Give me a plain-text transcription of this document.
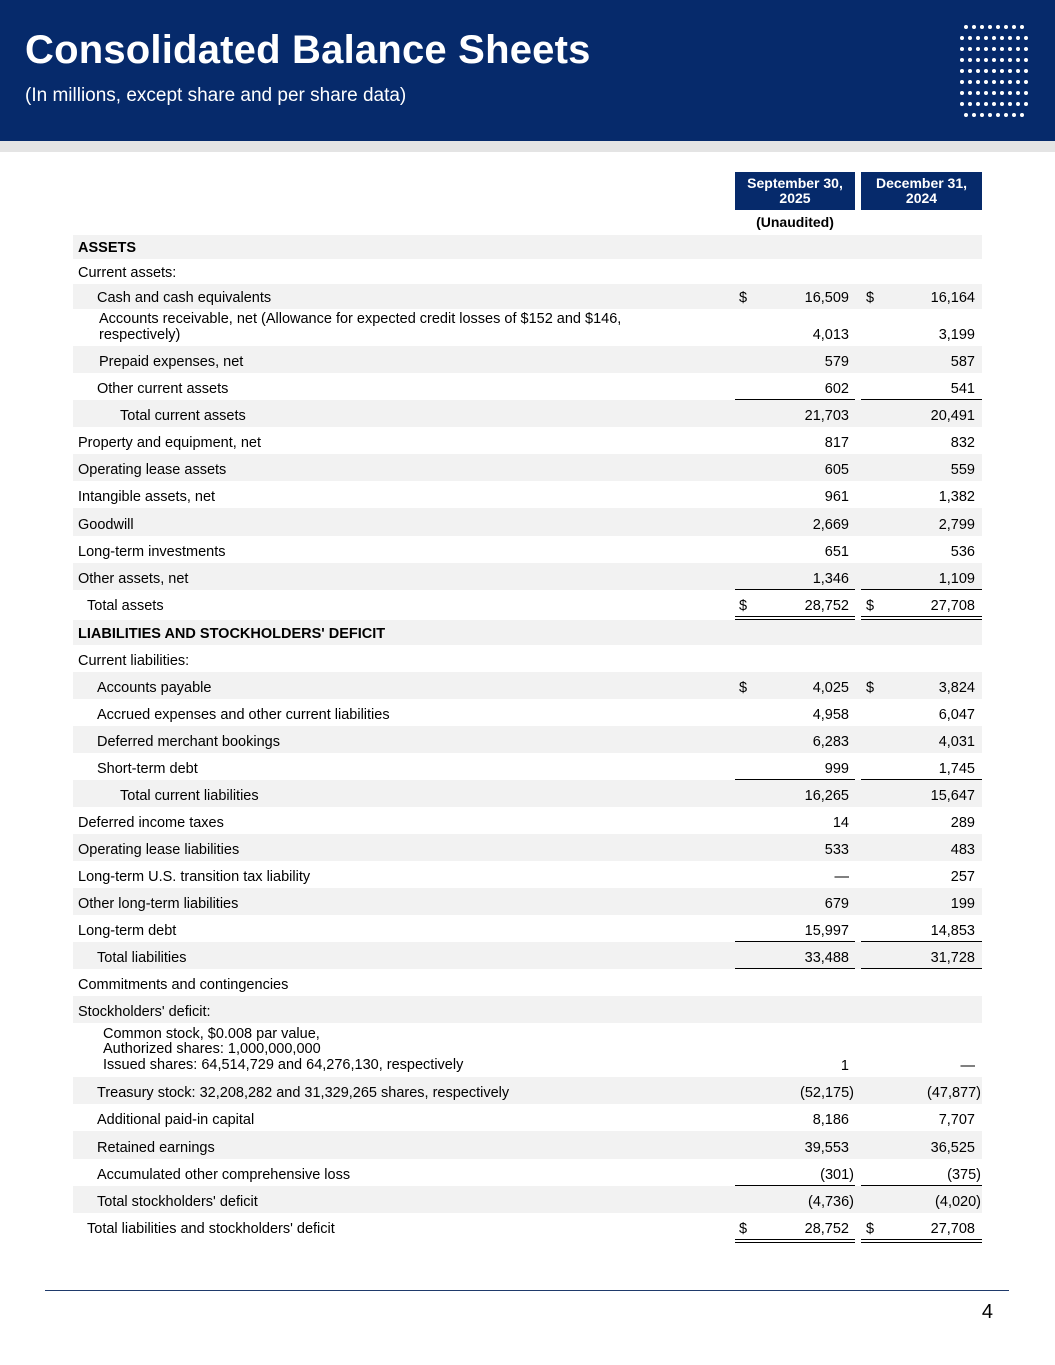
Consolidated Balance Sheets
(In millions, except share and per share data)
September 30,
2025
December 31,
2024
(Unaudited)
ASSETS
Current assets:
Cash and cash equivalents	$	16,509 $	16,164
Accounts receivable, net (Allowance for expected credit losses of $152 and $146,
respectively)	4,013	3,199
Prepaid expenses, net	579	587
Other current assets	602	541
Total current assets	21,703	20,491
Property and equipment, net	817	832
Operating lease assets	605	559
Intangible assets, net	961	1,382
Goodwill	2,669	2,799
Long-term investments	651	536
Other assets, net	1,346	1,109
Total assets	$	28,752 $	27,708
LIABILITIES AND STOCKHOLDERS' DEFICIT
Current liabilities:
Accounts payable	$	4,025 $	3,824
Accrued expenses and other current liabilities	4,958	6,047
Deferred merchant bookings	6,283	4,031
Short-term debt	999	1,745
Total current liabilities	16,265	15,647
Deferred income taxes	14	289
Operating lease liabilities	533	483
Long-term U.S. transition tax liability	—	257
Other long-term liabilities	679	199
Long-term debt	15,997	14,853
Total liabilities	33,488	31,728
Commitments and contingencies
Stockholders' deficit:
Common stock, $0.008 par value,
Authorized shares: 1,000,000,000
Issued shares: 64,514,729 and 64,276,130, respectively	1	—
Treasury stock: 32,208,282 and 31,329,265 shares, respectively	(52,175)	(47,877)
Additional paid-in capital	8,186	7,707
Retained earnings	39,553	36,525
Accumulated other comprehensive loss	(301)	(375)
Total stockholders' deficit	(4,736)	(4,020)
Total liabilities and stockholders' deficit	$	28,752 $	27,708
4
